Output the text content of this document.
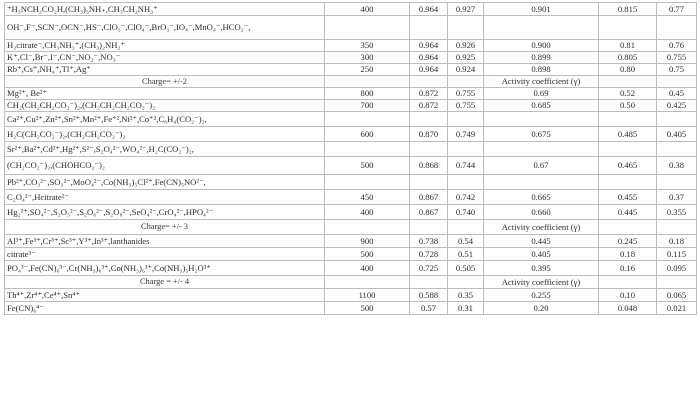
⁺H₃NCH₂CO₂H,(CH₃)₃NH₊,CH₃CH₂NH₃⁺	400	0.964	0.927	0.901	0.815	0.77
OH⁻,F⁻,SCN⁻,OCN⁻,HS⁻,ClO₃⁻,ClO₄⁻,BrO₃⁻,IO₄⁻,MnO₄⁻,HCO₂⁻,						
H₂citrate⁻,CH₃NH₃⁺,(CH₃)₂NH₂⁺	350	0.964	0.926	0.900	0.81	0.76
K⁺,Cl⁻,Br⁻,I⁻,CN⁻,NO₂⁻,NO₃⁻	300	0.964	0.925	0.899	0.805	0.755
Rb⁺,Cs⁺,NH₄⁺,Tl⁺,Ag⁺	250	0.964	0.924	0.898	0.80	0.75

Charge= +/-2				Activity coefficient (γ)		

Mg²⁺, Be²⁺	800	0.872	0.755	0.69	0.52	0.45
CH₂(CH₂CH₂CO₂⁻)₂,(CH₂CH₂CH₂CO₂⁻)₂	700	0.872	0.755	0.685	0.50	0.425
Ca²⁺,Cu²⁺,Zn²⁺,Sn²⁺,Mn²⁺,Fe⁺²,Ni²⁺,Co⁺²,C₆H₄(CO₂⁻)₂,						
H₂C(CH₂CO₂⁻)₂,(CH₂CH₂CO₂⁻)₂	600	0.870	0.749	0.675	0.485	0.405
Sr²⁺,Ba²⁺,Cd²⁺,Hg²⁺,S²⁻,S₂O₄²⁻,WO₄²⁻,H₂C(CO₂⁻)₂,						
(CH₂CO₂⁻)₂,(CHOHCO₂⁻)₂	500	0.868	0.744	0.67	0.465	0.38
Pb²⁺,CO₃²⁻,SO₃²⁻,MoO₄²⁻,Co(NH₃)₅Cl²⁺,Fe(CN)₅NO²⁻,						
C₂O₄²⁻,Hcitrate²⁻	450	0.867	0.742	0.665	0.455	0.37
Hg₂²⁺,SO₄²⁻,S₂O₃²⁻,S₂O₆²⁻,S₂O₈²⁻,SeO₄²⁻,CrO₄²⁻,HPO₄²⁻	400	0.867	0.740	0.660	0.445	0.355

Charge= +/- 3				Activity coefficient (γ)		

Al³⁺,Fe³⁺,Cr³⁺,Sc³⁺,Y³⁺,In³⁺,lanthanides	900	0.738	0.54	0.445	0.245	0.18
citrate³⁻	500	0.728	0.51	0.405	0.18	0.115
PO₄³⁻,Fe(CN)₆³⁻,Cr(NH₃)₆³⁺,Co(NH₃)₆³⁺,Co(NH₃)₅H₂O³⁺	400	0.725	0.505	0.395	0.16	0.095

Charge = +/- 4				Activity coefficient (γ)		

Th⁴⁺,Zr⁴⁺,Ce⁴⁺,Sn⁴⁺	1100	0.588	0.35	0.255	0.10	0.065
Fe(CN)₆⁴⁻	500	0.57	0.31	0.20	0.048	0.021
